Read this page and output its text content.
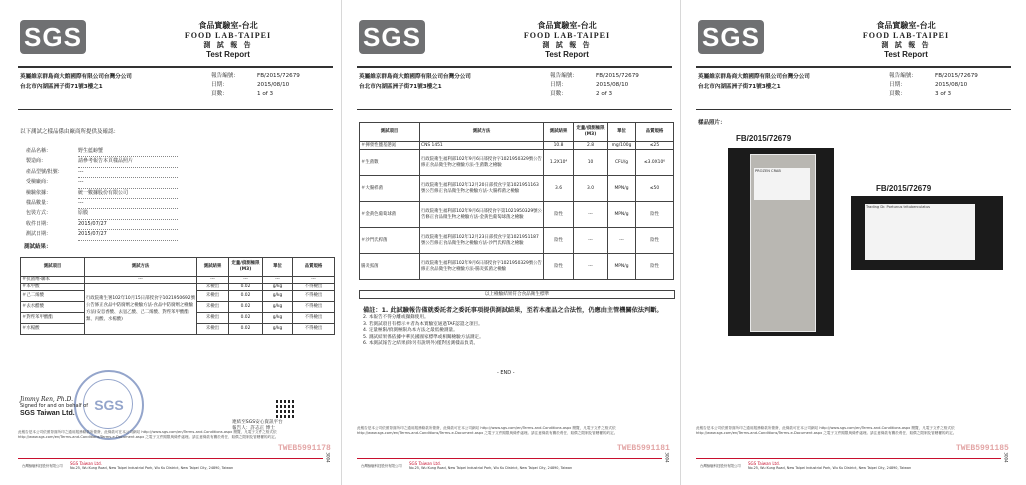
SGS	食品實驗室-台北
FOOD LAB-TAIPEI
測 試 報 告
Test Report
英屬維京群島商大館國際有限公司台灣分公司
台北市內湖區洲子街71號3樓之1
報告編號：	FB/2015/72679
日期：	2015/08/10
頁數：	1 of 3
以下測試之樣品係由廠商所提供及確認：
產品名稱：	野生藍螃蟹
製造商：	請參考報告本頁樣品照片
產品型號/批號：	---
受檢廠商：	---
檢驗依據：	統一數據股份有限公司
樣品數量：	---
包裝方式：	原膜
收件日期：	2015/07/27
測試日期：	2015/07/27
測試結果：
測試項目	測試方法	測試結果	定量/偵測極限(M3)	單位	品質規格
＃抗菌劑-聯苯	---	---	---	---	---
＃苯甲酸	行政院衛生署102年10月15日部授食字1021950692號公告修正食品中防腐劑之檢驗方法-食品中防腐劑之檢驗方法(安息香酸、去氫乙酸、己二烯酸、對羥苯甲酸酯類、丙酸、水楊酸)	未檢出	0.02	g/kg	不得檢出
＃己二烯酸		未檢出	0.02	g/kg	不得檢出
＃去水醋酸		未檢出	0.02	g/kg	不得檢出
＃對羥苯甲酸酯		未檢出	0.02	g/kg	不得檢出
＃水楊酸		未檢出	0.02	g/kg	不得檢出
SGS
Jimmy Ren, Ph.D.
Signed for and on behalf of
SGS Taiwan Ltd.
連結至SGS安心資訊平台
報告人：許志正 博士
此報告是本公司依照背面所印之通用服務條款所簽發，此條款可在本公司網站 http://www.sgs.com/en/Terms-and-Conditions.aspx 閱覽，凡電子文件之格式依 http://www.sgs.com/en/Terms-and-Conditions/Terms-e-Document.aspx 之電子文件期限與條件處理。請注意條款有關於責任、賠償之限制及管轄權的約定。
TWEB5991178
台灣檢驗科技股份有限公司 SGS Taiwan Ltd.
No.25, Wu Kung Road, New Taipei Industrial Park, Wu Ku District, New Taipei City, 24890, Taiwan
3004
SGS	食品實驗室-台北
FOOD LAB-TAIPEI
測 試 報 告
Test Report
英屬維京群島商大館國際有限公司台灣分公司
台北市內湖區洲子街71號3樓之1
報告編號：	FB/2015/72679
日期：	2015/08/10
頁數：	2 of 3
測試項目	測試方法	測試結果	定量/偵測極限(M3)	單位	品質規格
＃揮發性鹽基態氮	CNS 1451	10.8	2.8	mg/100g	≤25
＃生菌數	行政院衛生福利部102年9月6日部授食字1021950329號公告修正食品微生物之檢驗方法-生菌數之檢驗	1.2X10⁴	10	CFU/g	≤3.0X10⁶
＃大腸桿菌	行政院衛生福利部102年12月20日部授食字第1021951163號公告修正食品微生物之檢驗方法-大腸桿菌之檢驗	3.6	3.0	MPN/g	≤50
＃金黃色葡萄球菌	行政院衛生福利部102年9月6日部授食字第1021950329號公告修正食品微生物之檢驗方法-金黃色葡萄球菌之檢驗	陰性	---	MPN/g	陰性
＃沙門氏桿菌	行政院衛生福利部102年12月23日部授食字第1021951187號公告修正食品微生物之檢驗方法-沙門氏桿菌之檢驗	陰性	---	---	陰性
腸炎弧菌	行政院衛生福利部102年9月6日部授食字1021950329號公告修正食品微生物之檢驗方法-腸炎弧菌之檢驗	陰性	---	MPN/g	陰性
以上檢驗結果符合食品衛生標準
備註：1. 此試驗報告僅就委託者之委託事項提供測試結果，至若本產品之合法性，仍應由主管機關依法判斷。
2. 本報告不得分離或擷錄使用。
3. 若測試項目有標示＃者為本實驗室通過TAF認證之項目。
4. 定量極限/偵測極限為本方法之最低檢測量。
5. 測試結果係依據中華民國國家標準或相關檢驗方法測定。
6. 本測試報告之結果(除另有說明外)僅對送測樣品負責。
- END -
此報告是本公司依照背面所印之通用服務條款所簽發，此條款可在本公司網站 http://www.sgs.com/en/Terms-and-Conditions.aspx 閱覽，凡電子文件之格式依 http://www.sgs.com/en/Terms-and-Conditions/Terms-e-Document.aspx 之電子文件期限與條件處理。請注意條款有關於責任、賠償之限制及管轄權的約定。
TWEB5991181
台灣檢驗科技股份有限公司 SGS Taiwan Ltd.
No.25, Wu Kung Road, New Taipei Industrial Park, Wu Ku District, New Taipei City, 24890, Taiwan
3004
SGS	食品實驗室-台北
FOOD LAB-TAIPEI
測 試 報 告
Test Report
英屬維京群島商大館國際有限公司台灣分公司
台北市內湖區洲子街71號3樓之1
報告編號：	FB/2015/72679
日期：	2015/08/10
頁數：	3 of 3
樣品照片：
FB/2015/72679
PROZEN CRAB
FB/2015/72679
Trading Dr. Portunus trituberculatus
此報告是本公司依照背面所印之通用服務條款所簽發，此條款可在本公司網站 http://www.sgs.com/en/Terms-and-Conditions.aspx 閱覽，凡電子文件之格式依 http://www.sgs.com/en/Terms-and-Conditions/Terms-e-Document.aspx 之電子文件期限與條件處理。請注意條款有關於責任、賠償之限制及管轄權的約定。
TWEB5991185
台灣檢驗科技股份有限公司 SGS Taiwan Ltd.
No.25, Wu Kung Road, New Taipei Industrial Park, Wu Ku District, New Taipei City, 24890, Taiwan
3004
